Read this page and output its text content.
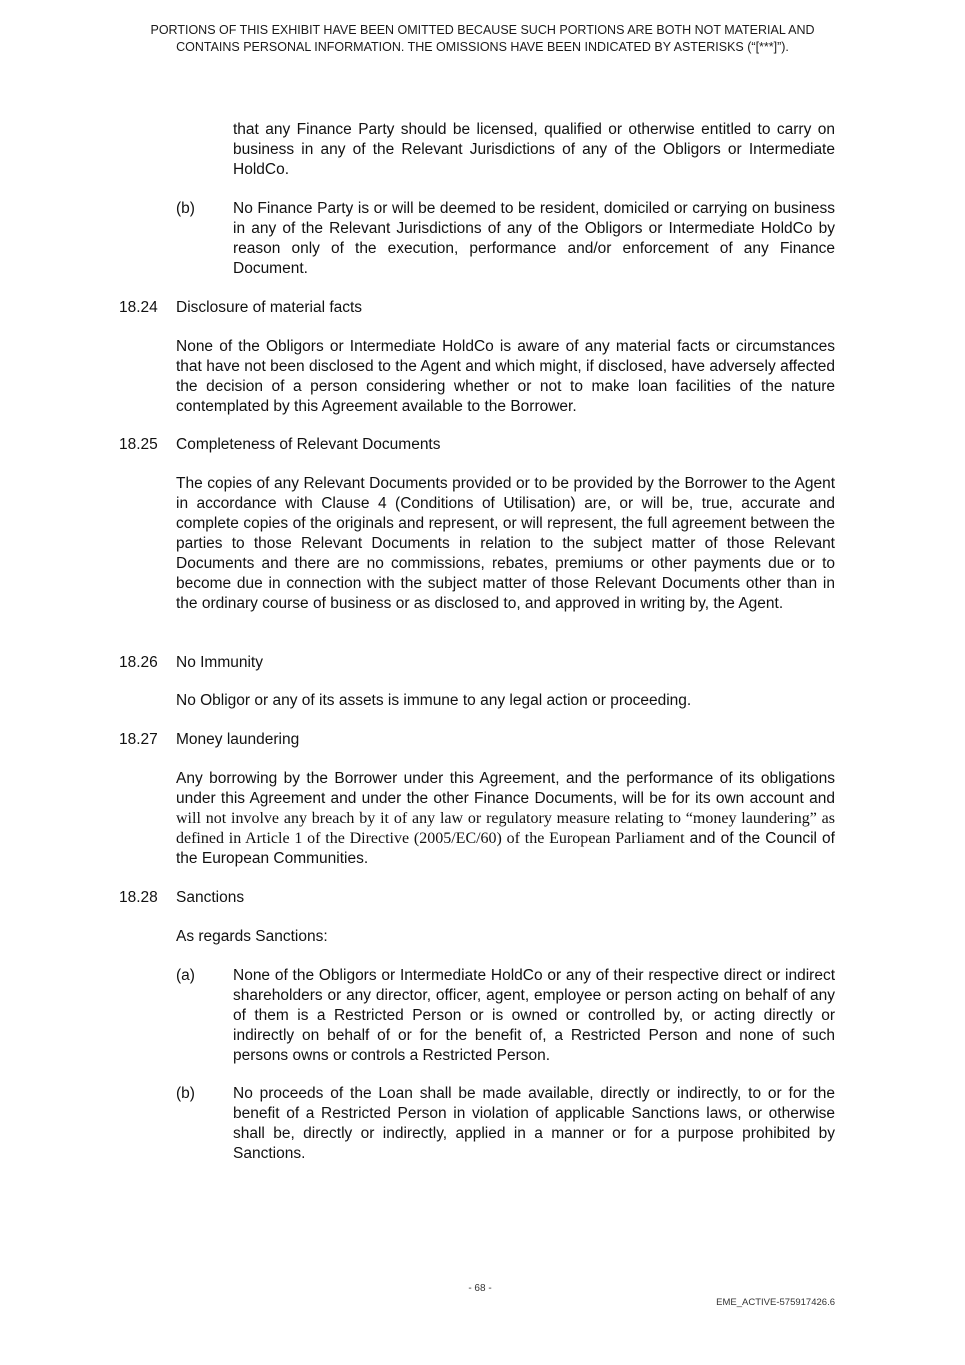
PORTIONS OF THIS EXHIBIT HAVE BEEN OMITTED BECAUSE SUCH PORTIONS ARE BOTH NOT MATERIAL AND
CONTAINS PERSONAL INFORMATION. THE OMISSIONS HAVE BEEN INDICATED BY ASTERISKS (“[***]”).

that any Finance Party should be licensed, qualified or otherwise entitled to carry on business in any of the Relevant Jurisdictions of any of the Obligors or Intermediate HoldCo.

(b) No Finance Party is or will be deemed to be resident, domiciled or carrying on business in any of the Relevant Jurisdictions of any of the Obligors or Intermediate HoldCo by reason only of the execution, performance and/or enforcement of any Finance Document.

18.24 Disclosure of material facts

None of the Obligors or Intermediate HoldCo is aware of any material facts or circumstances that have not been disclosed to the Agent and which might, if disclosed, have adversely affected the decision of a person considering whether or not to make loan facilities of the nature contemplated by this Agreement available to the Borrower.

18.25 Completeness of Relevant Documents

The copies of any Relevant Documents provided or to be provided by the Borrower to the Agent in accordance with Clause 4 (Conditions of Utilisation) are, or will be, true, accurate and complete copies of the originals and represent, or will represent, the full agreement between the parties to those Relevant Documents in relation to the subject matter of those Relevant Documents and there are no commissions, rebates, premiums or other payments due or to become due in connection with the subject matter of those Relevant Documents other than in the ordinary course of business or as disclosed to, and approved in writing by, the Agent.

18.26 No Immunity

No Obligor or any of its assets is immune to any legal action or proceeding.

18.27 Money laundering

Any borrowing by the Borrower under this Agreement, and the performance of its obligations under this Agreement and under the other Finance Documents, will be for its own account and will not involve any breach by it of any law or regulatory measure relating to “money laundering” as defined in Article 1 of the Directive (2005/EC/60) of the European Parliament and of the Council of the European Communities.

18.28 Sanctions

As regards Sanctions:

(a) None of the Obligors or Intermediate HoldCo or any of their respective direct or indirect shareholders or any director, officer, agent, employee or person acting on behalf of any of them is a Restricted Person or is owned or controlled by, or acting directly or indirectly on behalf of or for the benefit of, a Restricted Person and none of such persons owns or controls a Restricted Person.

(b) No proceeds of the Loan shall be made available, directly or indirectly, to or for the benefit of a Restricted Person in violation of applicable Sanctions laws, or otherwise shall be, directly or indirectly, applied in a manner or for a purpose prohibited by Sanctions.

- 68 -
EME_ACTIVE-575917426.6
